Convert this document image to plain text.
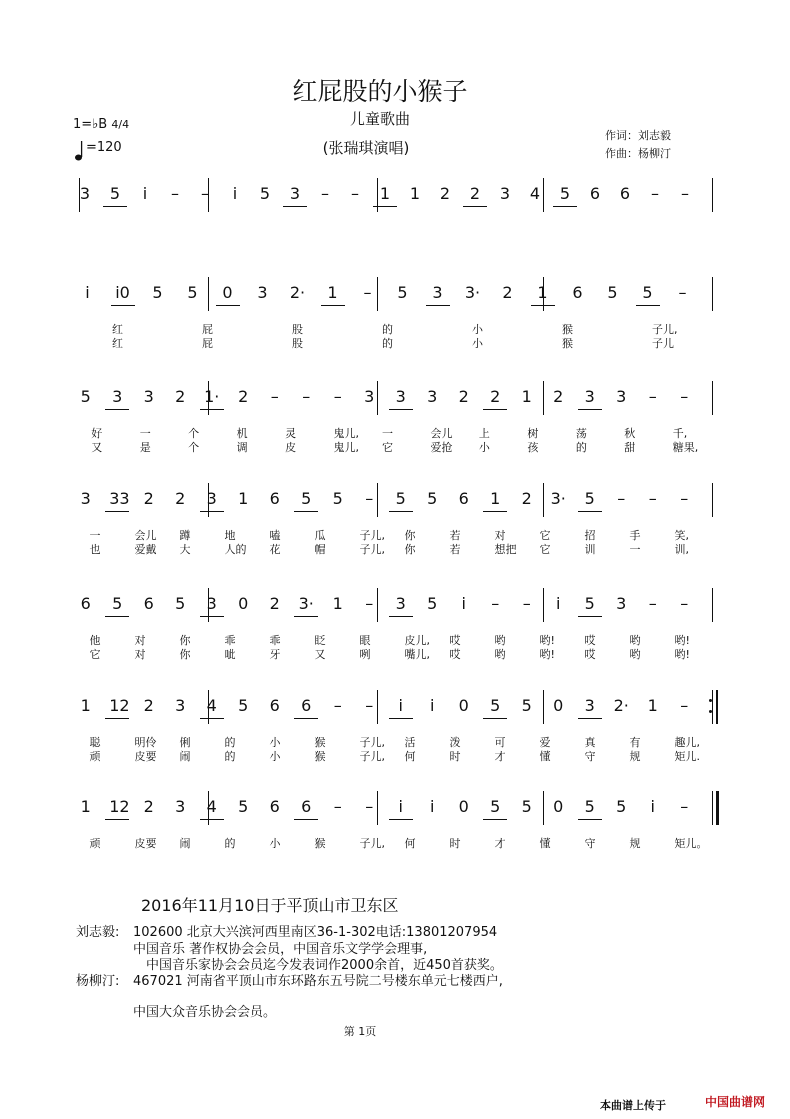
红屁股的小猴子
儿童歌曲
(张瑞琪演唱)
作词：刘志毅
作曲：杨柳汀
1=♭B 4/4
=120
3 5	i	– –	i	5 3 – – 1 1 2 2 3 4 5 6 6 – –
i	i0 5 5 0 3 2· 1 – 5 3 3· 2 1 6 5 5 –
红	屁	股	的	小	猴	子儿,
红	屁	股	的	小	猴	子儿
5 3 3 2 1· 2 – – – 3 3 3 2 2 1 2 3 3 – –
好	一	个	机	灵	鬼儿, 一	会儿 上	树	荡	秋	千,
又	是	个	调	皮	鬼儿, 它	爱抢 小	孩	的	甜	糖果,
3 33 2 2 3 1 6 5 5 – 5 5 6 1 2 3· 5 – – –
一	会儿 蹲	地	嗑	瓜	子儿, 你	若	对	它	招	手	笑,
也	爱戴 大	人的 花	帽	子儿, 你	若	想把 它	训	一	训,
6 5 6 5 3 0 2 3· 1 – 3 5	i	– –	i	5 3 – –
他	对	你	乖	乖	眨	眼	皮儿, 哎	哟	哟!	哎	哟	哟!
它	对	你	呲	牙	又	咧	嘴儿, 哎	哟	哟!	哎	哟	哟!
1 12 2 3 4 5 6 6 – –	i	i	0 5 5 0 3 2· 1 –
聪	明伶 俐	的	小	猴	子儿, 活	泼	可	爱	真	有	趣儿,
顽	皮要 闹	的	小	猴	子儿, 何	时	才	懂	守	规	矩儿.
1 12 2 3 4 5 6 6 – –	i	i	0 5 5 0 5 5	i	–
顽	皮要 闹	的	小	猴	子儿, 何	时	才	懂	守	规	矩儿。
2016年11月10日于平顶山市卫东区
刘志毅: 102600 北京大兴滨河西里南区36-1-302电话:13801207954
中国音乐 著作权协会会员，中国音乐文学学会理事,
中国音乐家协会会员迄今发表词作2000余首，近450首获奖。
杨柳汀: 467021 河南省平顶山市东环路东五号院二号楼东单元七楼西户,
中国大众音乐协会会员。
第 1页
本曲谱上传于	中国曲谱网
